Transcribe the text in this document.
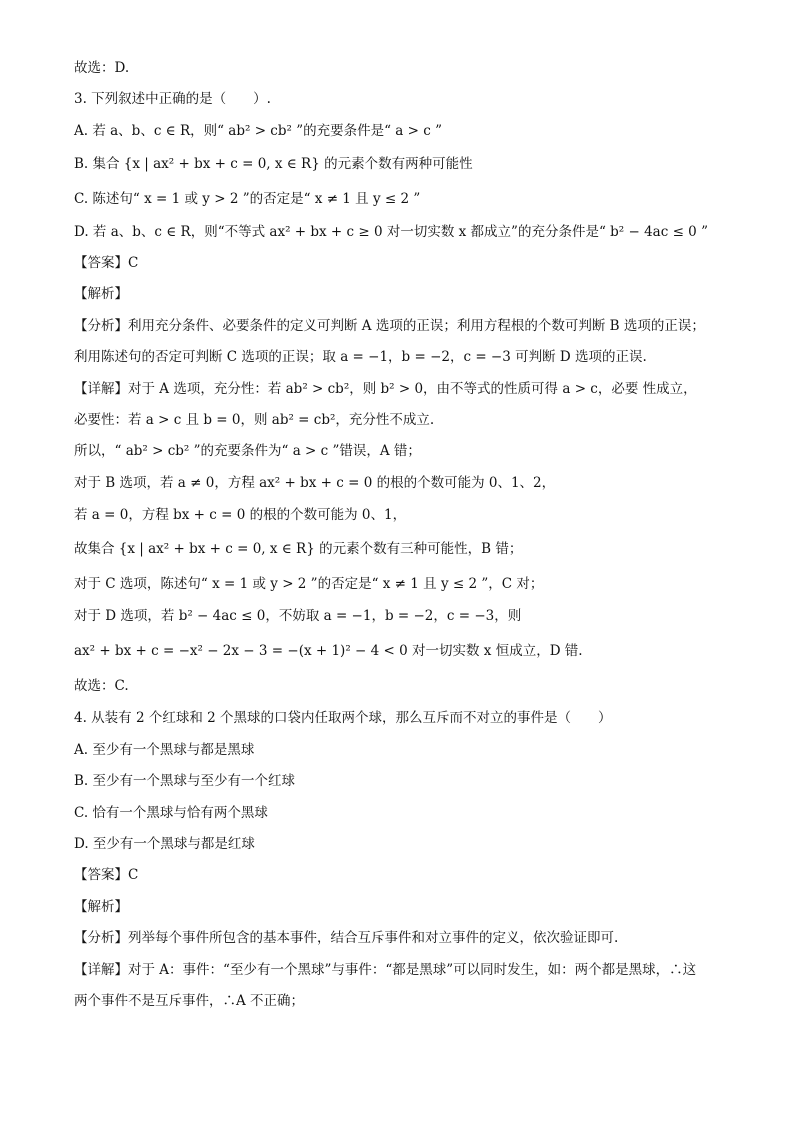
故选：D.

3. 下列叙述中正确的是（　　）.

A. 若 a、b、c ∈ R，则“ ab² > cb² ”的充要条件是“ a > c ”

B. 集合 {x | ax² + bx + c = 0, x ∈ R} 的元素个数有两种可能性

C. 陈述句“ x = 1 或 y > 2 ”的否定是“ x ≠ 1 且 y ≤ 2 ”

D. 若 a、b、c ∈ R，则“不等式 ax² + bx + c ≥ 0 对一切实数 x 都成立”的充分条件是“ b² − 4ac ≤ 0 ”

【答案】C

【解析】

【分析】利用充分条件、必要条件的定义可判断 A 选项的正误；利用方程根的个数可判断 B 选项的正误；

利用陈述句的否定可判断 C 选项的正误；取 a = −1，b = −2，c = −3 可判断 D 选项的正误.

【详解】对于 A 选项，充分性：若 ab² > cb²，则 b² > 0，由不等式的性质可得 a > c，必要 性成立，

必要性：若 a > c 且 b = 0，则 ab² = cb²，充分性不成立.

所以，“ ab² > cb² ”的充要条件为“ a > c ”错误，A 错；

对于 B 选项，若 a ≠ 0，方程 ax² + bx + c = 0 的根的个数可能为 0、1、2，

若 a = 0，方程 bx + c = 0 的根的个数可能为 0、1，

故集合 {x | ax² + bx + c = 0, x ∈ R} 的元素个数有三种可能性，B 错；

对于 C 选项，陈述句“ x = 1 或 y > 2 ”的否定是“ x ≠ 1 且 y ≤ 2 ”，C 对；

对于 D 选项，若 b² − 4ac ≤ 0，不妨取 a = −1，b = −2，c = −3，则

ax² + bx + c = −x² − 2x − 3 = −(x + 1)² − 4 < 0 对一切实数 x 恒成立，D 错.

故选：C.

4. 从装有 2 个红球和 2 个黑球的口袋内任取两个球，那么互斥而不对立的事件是（　　）

A. 至少有一个黑球与都是黑球

B. 至少有一个黑球与至少有一个红球

C. 恰有一个黑球与恰有两个黑球

D. 至少有一个黑球与都是红球

【答案】C

【解析】

【分析】列举每个事件所包含的基本事件，结合互斥事件和对立事件的定义，依次验证即可.

【详解】对于 A：事件：“至少有一个黑球”与事件：“都是黑球”可以同时发生，如：两个都是黑球，∴这

两个事件不是互斥事件，∴A 不正确；
